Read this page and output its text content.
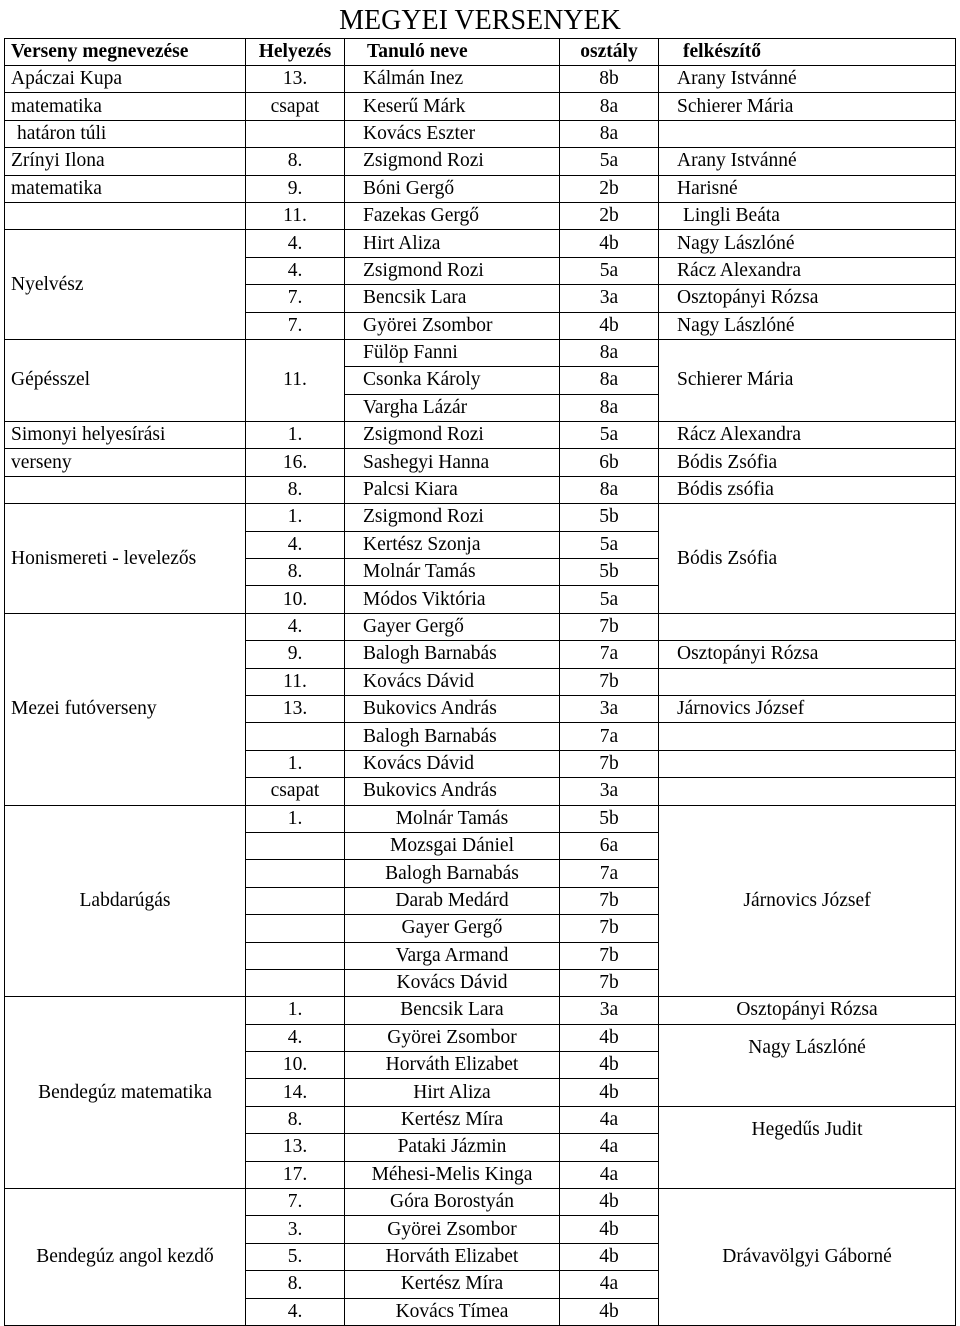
MEGYEI VERSENYEK
Verseny megnevezése	Helyezés	Tanuló neve	osztály	felkészítő
Apáczai Kupa	13.	Kálmán Inez	8b	Arany Istvánné
matematika	csapat	Keserű Márk	8a	Schierer Mária
határon túli		Kovács Eszter	8a	
Zrínyi Ilona	8.	Zsigmond Rozi	5a	Arany Istvánné
matematika	9.	Bóni Gergő	2b	Harisné
	11.	Fazekas Gergő	2b	Lingli Beáta
Nyelvész	4.	Hirt Aliza	4b	Nagy Lászlóné
	4.	Zsigmond Rozi	5a	Rácz Alexandra
	7.	Bencsik Lara	3a	Osztopányi Rózsa
	7.	Györei Zsombor	4b	Nagy Lászlóné
Gépésszel	11.	Fülöp Fanni	8a	Schierer Mária
		Csonka Károly	8a	
		Vargha Lázár	8a	
Simonyi helyesírási	1.	Zsigmond Rozi	5a	Rácz Alexandra
verseny	16.	Sashegyi Hanna	6b	Bódis Zsófia
	8.	Palcsi Kiara	8a	Bódis zsófia
Honismereti - levelezős	1.	Zsigmond Rozi	5b	Bódis Zsófia
	4.	Kertész Szonja	5a	
	8.	Molnár Tamás	5b	
	10.	Módos Viktória	5a	
Mezei futóverseny	4.	Gayer Gergő	7b	
	9.	Balogh Barnabás	7a	Osztopányi Rózsa
	11.	Kovács Dávid	7b	
	13.	Bukovics András	3a	Járnovics József
		Balogh Barnabás	7a	
	1.	Kovács Dávid	7b	
	csapat	Bukovics András	3a	
Labdarúgás	1.	Molnár Tamás	5b	Járnovics József
		Mozsgai Dániel	6a	
		Balogh Barnabás	7a	
		Darab Medárd	7b	
		Gayer Gergő	7b	
		Varga Armand	7b	
		Kovács Dávid	7b	
Bendegúz matematika	1.	Bencsik Lara	3a	Osztopányi Rózsa
	4.	Györei Zsombor	4b	Nagy Lászlóné
	10.	Horváth Elizabet	4b	
	14.	Hirt Aliza	4b	
	8.	Kertész Míra	4a	Hegedűs Judit
	13.	Pataki Jázmin	4a	
	17.	Méhesi-Melis Kinga	4a	
Bendegúz angol kezdő	7.	Góra Borostyán	4b	Drávavölgyi Gáborné
	3.	Györei Zsombor	4b	
	5.	Horváth Elizabet	4b	
	8.	Kertész Míra	4a	
	4.	Kovács Tímea	4b	
